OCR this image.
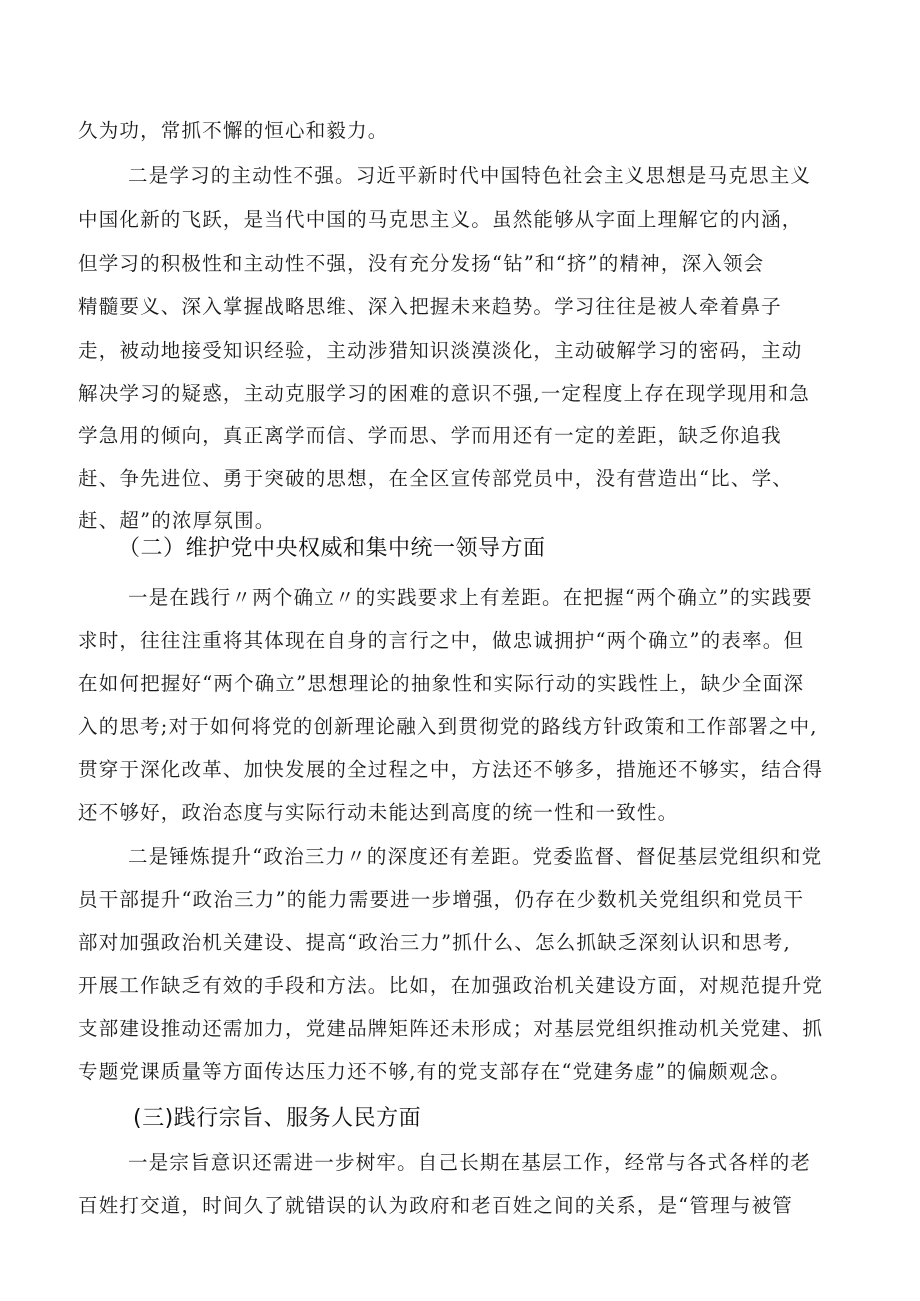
久为功，常抓不懈的恒心和毅力。
二是学习的主动性不强。习近平新时代中国特色社会主义思想是马克思主义
中国化新的飞跃，是当代中国的马克思主义。虽然能够从字面上理解它的内涵，
但学习的积极性和主动性不强，没有充分发扬“钻”和“挤”的精神，深入领会
精髓要义、深入掌握战略思维、深入把握未来趋势。学习往往是被人牵着鼻子
走，被动地接受知识经验，主动涉猎知识淡漠淡化，主动破解学习的密码，主动
解决学习的疑惑，主动克服学习的困难的意识不强,一定程度上存在现学现用和急
学急用的倾向，真正离学而信、学而思、学而用还有一定的差距，缺乏你追我
赶、争先进位、勇于突破的思想，在全区宣传部党员中，没有营造出“比、学、
赶、超”的浓厚氛围。
（二）维护党中央权威和集中统一领导方面
一是在践行〃两个确立〃的实践要求上有差距。在把握“两个确立”的实践要
求时，往往注重将其体现在自身的言行之中，做忠诚拥护“两个确立”的表率。但
在如何把握好“两个确立”思想理论的抽象性和实际行动的实践性上，缺少全面深
入的思考;对于如何将党的创新理论融入到贯彻党的路线方针政策和工作部署之中,
贯穿于深化改革、加快发展的全过程之中，方法还不够多，措施还不够实，结合得
还不够好，政治态度与实际行动未能达到高度的统一性和一致性。
二是锤炼提升“政治三力〃的深度还有差距。党委监督、督促基层党组织和党
员干部提升“政治三力”的能力需要进一步增强，仍存在少数机关党组织和党员干
部对加强政治机关建设、提高“政治三力”抓什么、怎么抓缺乏深刻认识和思考,
开展工作缺乏有效的手段和方法。比如，在加强政治机关建设方面，对规范提升党
支部建设推动还需加力，党建品牌矩阵还未形成；对基层党组织推动机关党建、抓
专题党课质量等方面传达压力还不够,有的党支部存在“党建务虚”的偏颇观念。
(三)践行宗旨、服务人民方面
一是宗旨意识还需进一步树牢。自己长期在基层工作，经常与各式各样的老
百姓打交道，时间久了就错误的认为政府和老百姓之间的关系，是“管理与被管
